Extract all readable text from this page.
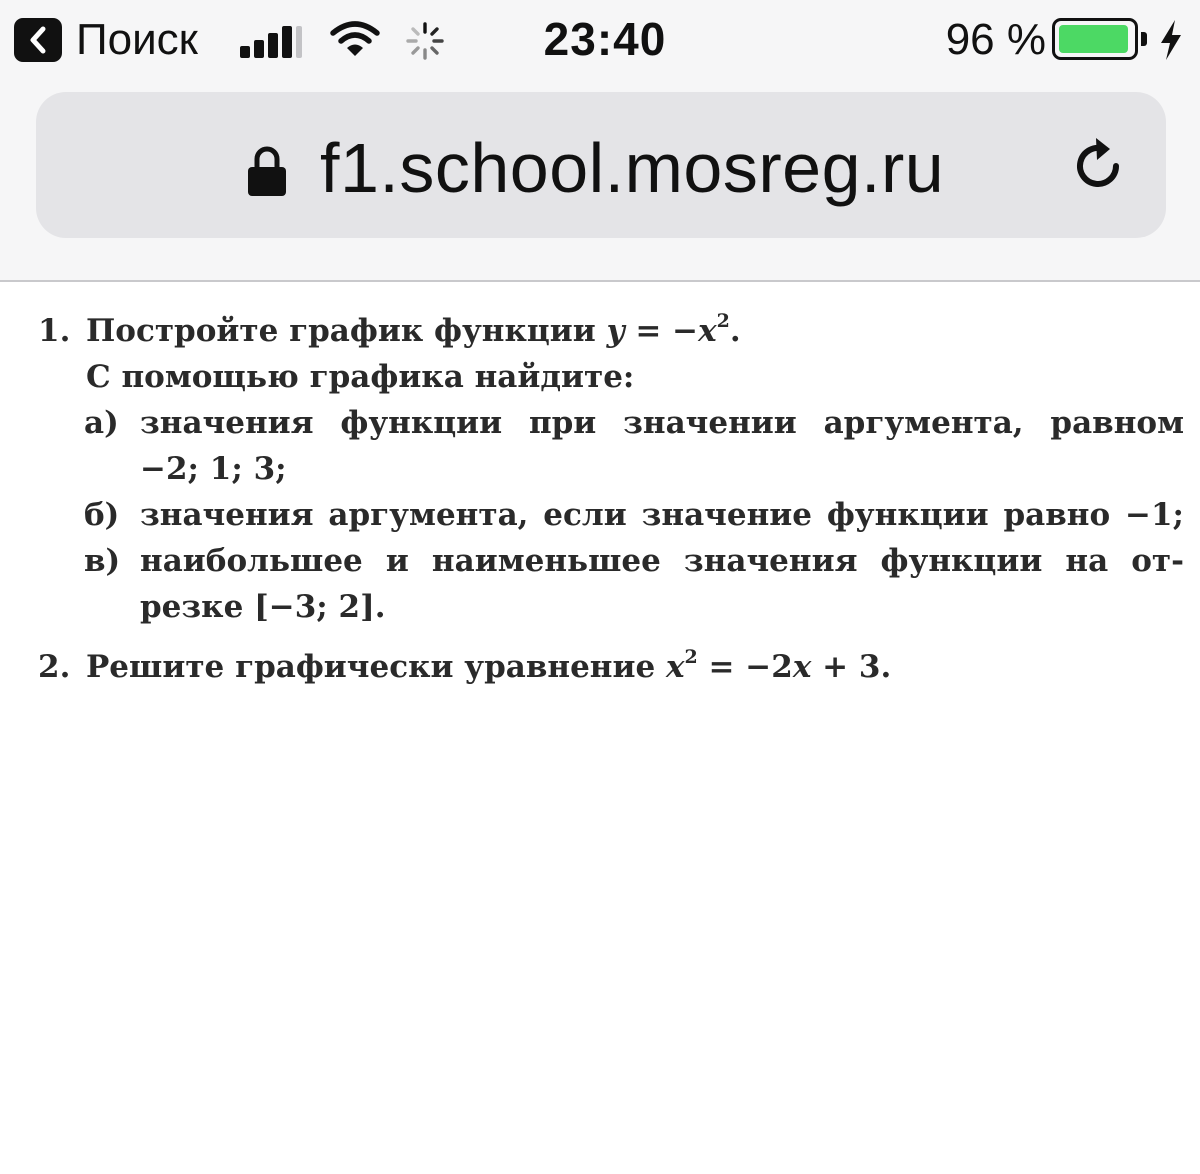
Поиск	23:40	96 %
f1.school.mosreg.ru
1. Постройте график функции $y = -x^2$.
С помощью графика найдите:
а) значения функции при значении аргумента, равном
−2; 1; 3;
б) значения аргумента, если значение функции равно −1;
в) наибольшее и наименьшее значения функции на от-
резке [−3; 2].
2. Решите графически уравнение $x^2 = -2x + 3$.
